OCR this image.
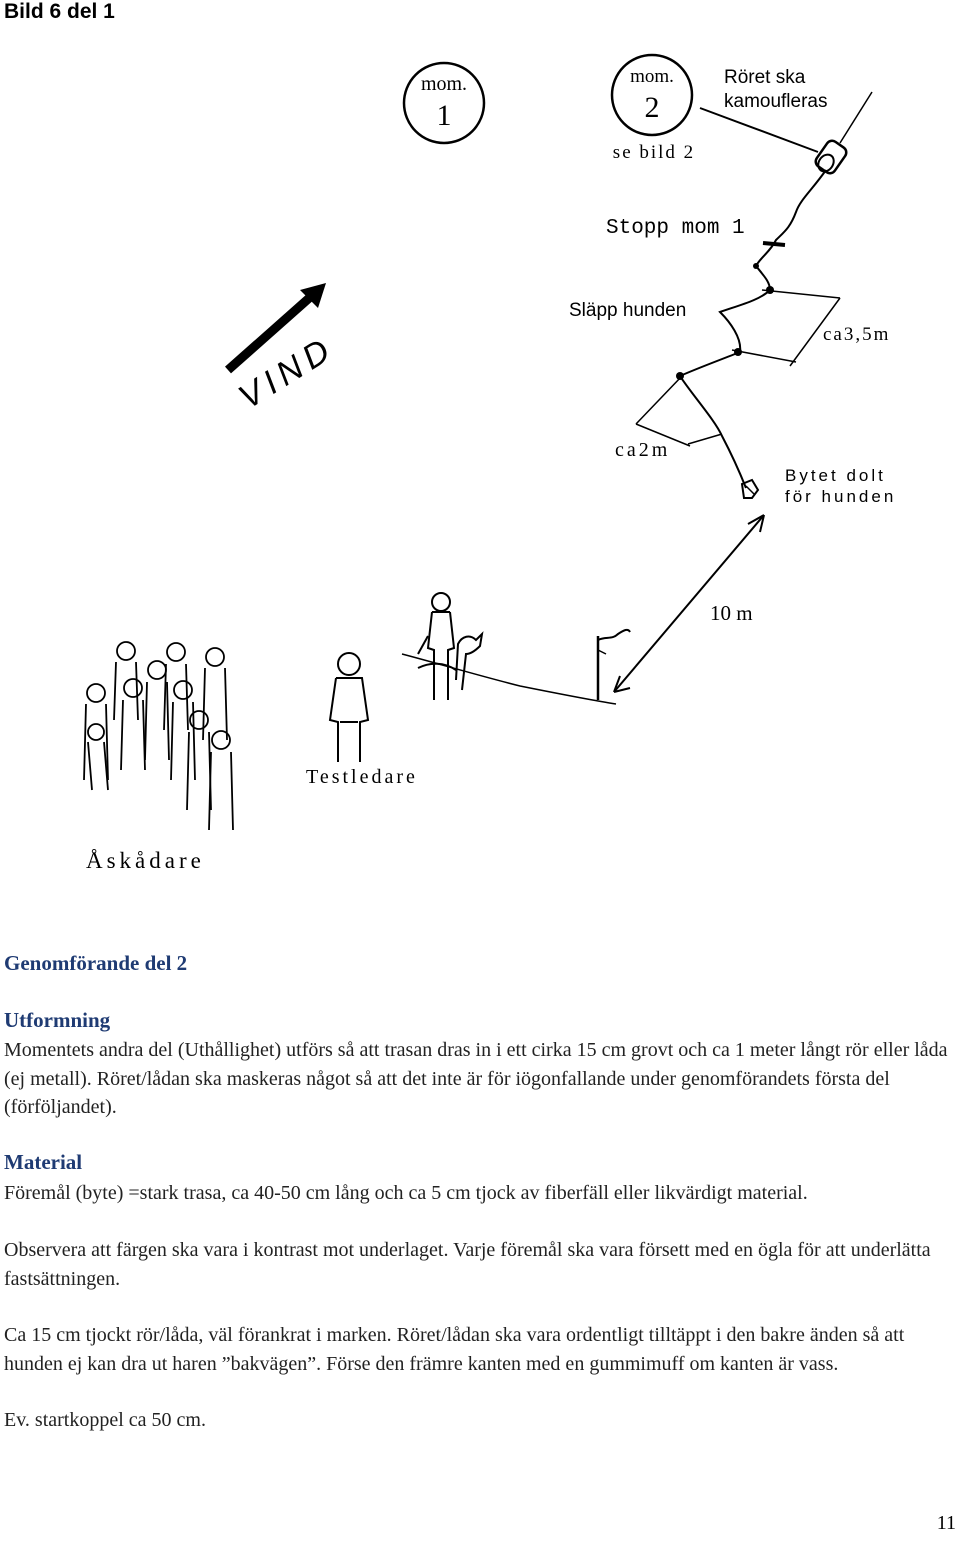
Bild 6 del 1
mom.
1
mom.
2
se bild 2
Röret ska
kamoufleras
Stopp mom 1
Släpp hunden
ca3,5m
ca2m
Bytet dolt
för hunden
10 m
Testledare
Åskådare
VIND
Genomförande del 2
Utformning
Momentets andra del (Uthållighet) utförs så att trasan dras in i ett cirka 15 cm grovt och ca 1 meter långt rör eller låda (ej metall). Röret/lådan ska maskeras något så att det inte är för iögonfallande under genomförandets första del (förföljandet).
Material
Föremål (byte) =stark trasa, ca 40-50 cm lång och ca 5 cm tjock av fiberfäll eller likvärdigt material.
Observera att färgen ska vara i kontrast mot underlaget. Varje föremål ska vara försett med en ögla för att underlätta fastsättningen.
Ca 15 cm tjockt rör/låda, väl förankrat i marken. Röret/lådan ska vara ordentligt tilltäppt i den bakre änden så att hunden ej kan dra ut haren ”bakvägen”. Förse den främre kanten med en gummimuff om kanten är vass.
Ev. startkoppel ca 50 cm.
11
